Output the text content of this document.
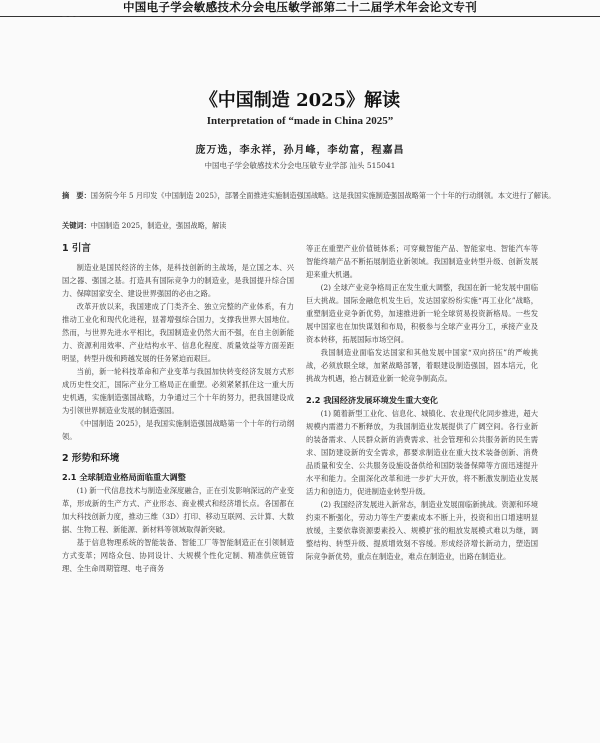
中国电子学会敏感技术分会电压敏学部第二十二届学术年会论文专刊
— — —
《中国制造 2025》解读
Interpretation of “made in China 2025”
庞万选，李永祥，孙月峰，李幼富，程嘉昌
中国电子学会敏感技术分会电压敏专业学部 汕头 515041
摘　要：国务院今年 5 月印发《中国制造 2025》，部署全面推进实施制造强国战略。这是我国实施制造强国战略第一个十年的行动纲领。本文进行了解读。
关键词：中国制造 2025，制造业，强国战略，解读
1 引言

制造业是国民经济的主体，是科技创新的主战场，是立国之本、兴国之器、强国之基。打造具有国际竞争力的制造业，是我国提升综合国力、保障国家安全、建设世界强国的必由之路。

改革开放以来，我国建成了门类齐全、独立完整的产业体系，有力推动工业化和现代化进程，显著增强综合国力，支撑我世界大国地位。然而，与世界先进水平相比，我国制造业仍然大而不强，在自主创新能力、资源利用效率、产业结构水平、信息化程度、质量效益等方面差距明显，转型升级和跨越发展的任务紧迫而艰巨。

当前，新一轮科技革命和产业变革与我国加快转变经济发展方式形成历史性交汇，国际产业分工格局正在重塑。必须紧紧抓住这一重大历史机遇，实施制造强国战略，力争通过三个十年的努力，把我国建设成为引领世界制造业发展的制造强国。

《中国制造 2025》，是我国实施制造强国战略第一个十年的行动纲领。

2 形势和环境
2.1 全球制造业格局面临重大调整

(1) 新一代信息技术与制造业深度融合，正在引发影响深远的产业变革，形成新的生产方式、产业形态、商业模式和经济增长点。各国都在加大科技创新力度，推动三维（3D）打印、移动互联网、云计算、大数据、生物工程、新能源、新材料等领域取得新突破。

基于信息物理系统的智能装备、智能工厂等智能制造正在引领制造方式变革；网络众包、协同设计、大规模个性化定制、精准供应链管理、全生命周期管理、电子商务

等正在重塑产业价值链体系；可穿戴智能产品、智能家电、智能汽车等智能终端产品不断拓展制造业新领域。我国制造业转型升级、创新发展迎来重大机遇。

(2) 全球产业竞争格局正在发生重大调整，我国在新一轮发展中面临巨大挑战。国际金融危机发生后，发达国家纷纷实施“再工业化”战略，重塑制造业竞争新优势，加速推进新一轮全球贸易投资新格局。一些发展中国家也在加快谋划和布局，积极参与全球产业再分工，承接产业及资本转移，拓展国际市场空间。

我国制造业面临发达国家和其他发展中国家“双向挤压”的严峻挑战，必须放眼全球，加紧战略部署，着眼建设制造强国，固本培元，化挑战为机遇，抢占制造业新一轮竞争制高点。

2.2 我国经济发展环境发生重大变化

(1) 随着新型工业化、信息化、城镇化、农业现代化同步推进，超大规模内需潜力不断释放，为我国制造业发展提供了广阔空间。各行业新的装备需求、人民群众新的消费需求、社会管理和公共服务新的民生需求、国防建设新的安全需求，都要求制造业在重大技术装备创新、消费品质量和安全、公共服务设施设备供给和国防装备保障等方面迅速提升水平和能力。全面深化改革和进一步扩大开放，将不断激发制造业发展活力和创造力，促进制造业转型升级。

(2) 我国经济发展进入新常态，制造业发展面临新挑战。资源和环境约束不断强化，劳动力等生产要素成本不断上升，投资和出口增速明显放缓，主要依靠资源要素投入、规模扩张的粗放发展模式难以为继，调整结构、转型升级、提质增效刻不容缓。形成经济增长新动力，塑造国际竞争新优势，重点在制造业，难点在制造业，出路在制造业。
